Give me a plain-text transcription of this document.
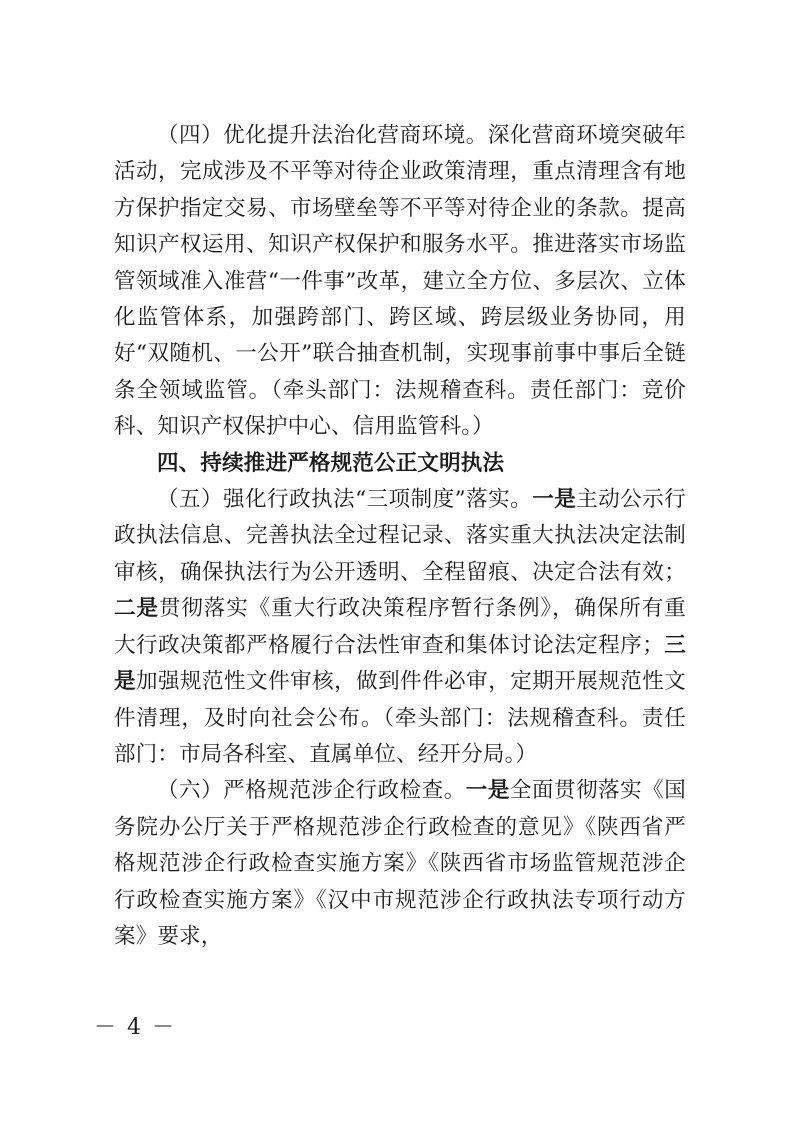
（四）优化提升法治化营商环境。深化营商环境突破年活动，完成涉及不平等对待企业政策清理，重点清理含有地方保护指定交易、市场壁垒等不平等对待企业的条款。提高知识产权运用、知识产权保护和服务水平。推进落实市场监管领域准入准营“一件事”改革，建立全方位、多层次、立体化监管体系，加强跨部门、跨区域、跨层级业务协同，用好“双随机、一公开”联合抽查机制，实现事前事中事后全链条全领域监管。（牵头部门：法规稽查科。责任部门：竞价科、知识产权保护中心、信用监管科。）

四、持续推进严格规范公正文明执法

（五）强化行政执法“三项制度”落实。一是主动公示行政执法信息、完善执法全过程记录、落实重大执法决定法制审核，确保执法行为公开透明、全程留痕、决定合法有效；二是贯彻落实《重大行政决策程序暂行条例》，确保所有重大行政决策都严格履行合法性审查和集体讨论法定程序；三是加强规范性文件审核，做到件件必审，定期开展规范性文件清理，及时向社会公布。（牵头部门：法规稽查科。责任部门：市局各科室、直属单位、经开分局。）

（六）严格规范涉企行政检查。一是全面贯彻落实《国务院办公厅关于严格规范涉企行政检查的意见》《陕西省严格规范涉企行政检查实施方案》《陕西省市场监管规范涉企行政检查实施方案》《汉中市规范涉企行政执法专项行动方案》要求，

－ 4 －
